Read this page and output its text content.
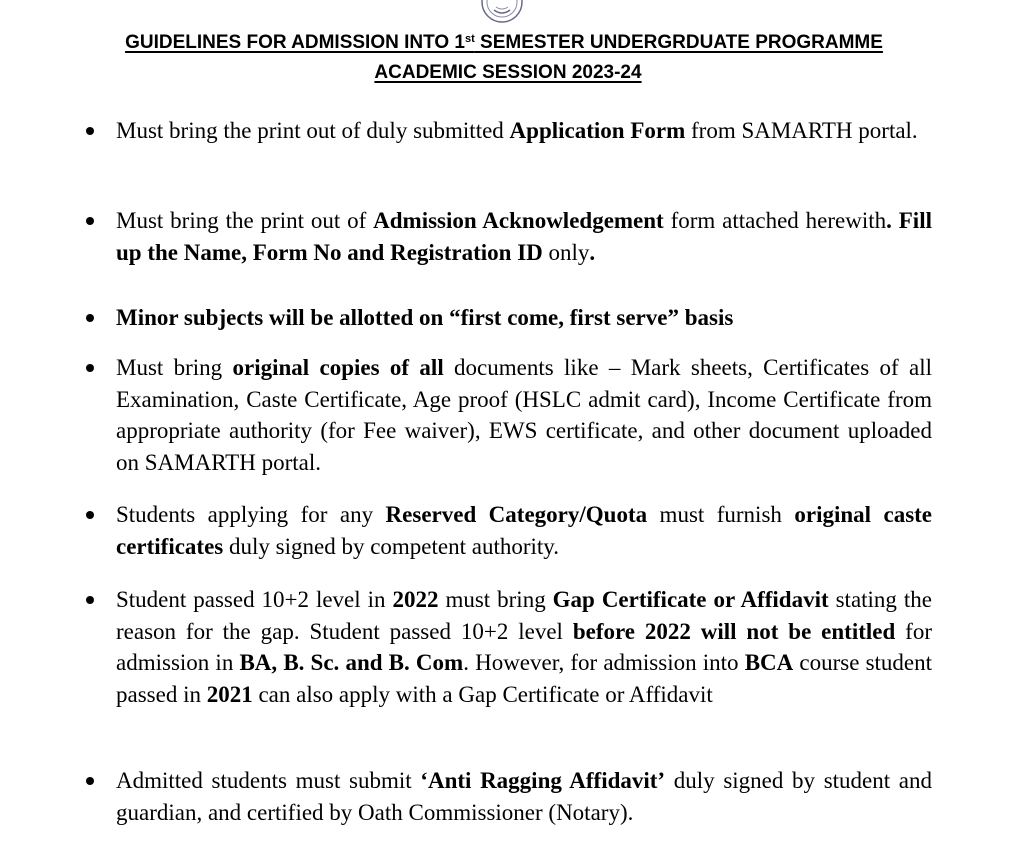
GUIDELINES FOR ADMISSION INTO 1st SEMESTER UNDERGRDUATE PROGRAMME
ACADEMIC SESSION 2023-24
Must bring the print out of duly submitted Application Form from SAMARTH portal.
Must bring the print out of Admission Acknowledgement form attached herewith. Fill up the Name, Form No and Registration ID only.
Minor subjects will be allotted on “first come, first serve” basis
Must bring original copies of all documents like – Mark sheets, Certificates of all Examination, Caste Certificate, Age proof (HSLC admit card), Income Certificate from appropriate authority (for Fee waiver), EWS certificate, and other document uploaded on SAMARTH portal.
Students applying for any Reserved Category/Quota must furnish original caste certificates duly signed by competent authority.
Student passed 10+2 level in 2022 must bring Gap Certificate or Affidavit stating the reason for the gap. Student passed 10+2 level before 2022 will not be entitled for admission in BA, B. Sc. and B. Com. However, for admission into BCA course student passed in 2021 can also apply with a Gap Certificate or Affidavit
Admitted students must submit ‘Anti Ragging Affidavit’ duly signed by student and guardian, and certified by Oath Commissioner (Notary).
